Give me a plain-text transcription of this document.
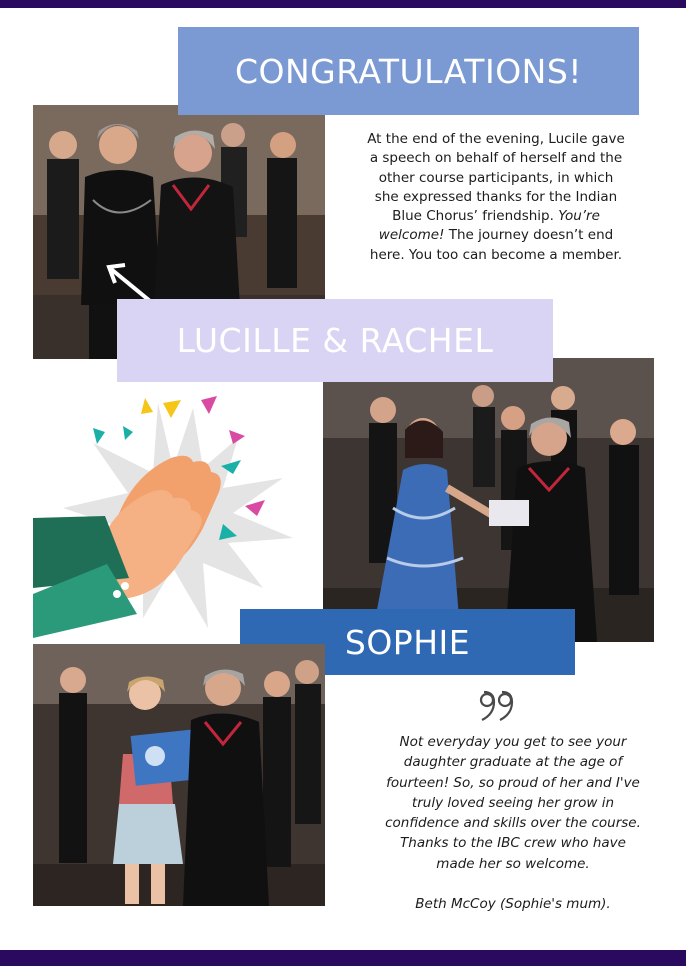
CONGRATULATIONS!
At the end of the evening, Lucile gave a speech on behalf of herself and the other course participants, in which she expressed thanks for the Indian Blue Chorus’ friendship. You’re welcome! The journey doesn’t end here. You too can become a member.
LUCILLE & RACHEL
SOPHIE
Not everyday you get to see your daughter graduate at the age of fourteen! So, so proud of her and I've truly loved seeing her grow in confidence and skills over the course. Thanks to the IBC crew who have made her so welcome.
Beth McCoy (Sophie's mum).
